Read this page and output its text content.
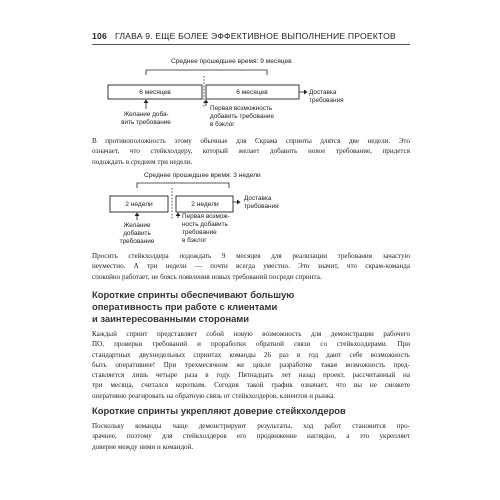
106 ГЛАВА 9. ЕЩЕ БОЛЕЕ ЭФФЕКТИВНОЕ ВЫПОЛНЕНИЕ ПРОЕКТОВ
Среднее прошедшее время: 9 месяцев
6 месяцев	6 месяцев
Желание доба-
вить требование
Первая возможность
добавить требование
в бэклог
Доставка
требования
В противоположность этому обычные для Скрама спринты длятся две недели. Это
означает, что стейкхолдеру, который желает добавить новое требование, придется
подождать в среднем три недели.
Среднее прошедшее время: 3 недели
2 недели	2 недели
Желание
добавить
требование
Первая возмож-
ность добавить
требование
в бэклог
Доставка
требования
Просить стейкхолдера подождать 9 месяцев для реализации требования зачастую
неуместно. А три недели — почти всегда уместно. Это значит, что скрам-команда
спокойно работает, не боясь появления новых требований посреди спринта.
Короткие спринты обеспечивают большую
оперативность при работе с клиентами
и заинтересованными сторонами
Каждый спринт представляет собой новую возможность для демонстрации рабочего
ПО, проверки требований и проработки обратной связи со стейкхолдерами. При
стандартных двухнедельных спринтах команды 26 раз в год дают себе возможность
быть оперативнее! При трехмесячном же цикле разработке такая возможность пред-
ставляется лишь четыре раза в году. Пятнадцать лет назад проект, рассчитанный на
три месяца, считался коротким. Сегодня такой график означает, что вы не сможете
оперативно реагировать на обратную связь от стейкхолдеров, клиентов и рынка.
Короткие спринты укрепляют доверие стейкхолдеров
Поскольку команды чаще демонстрируют результаты, ход работ становится про-
зрачнее, поэтому для стейкхолдеров его продвижение наглядно, а это укрепляет
доверие между ними и командой.
